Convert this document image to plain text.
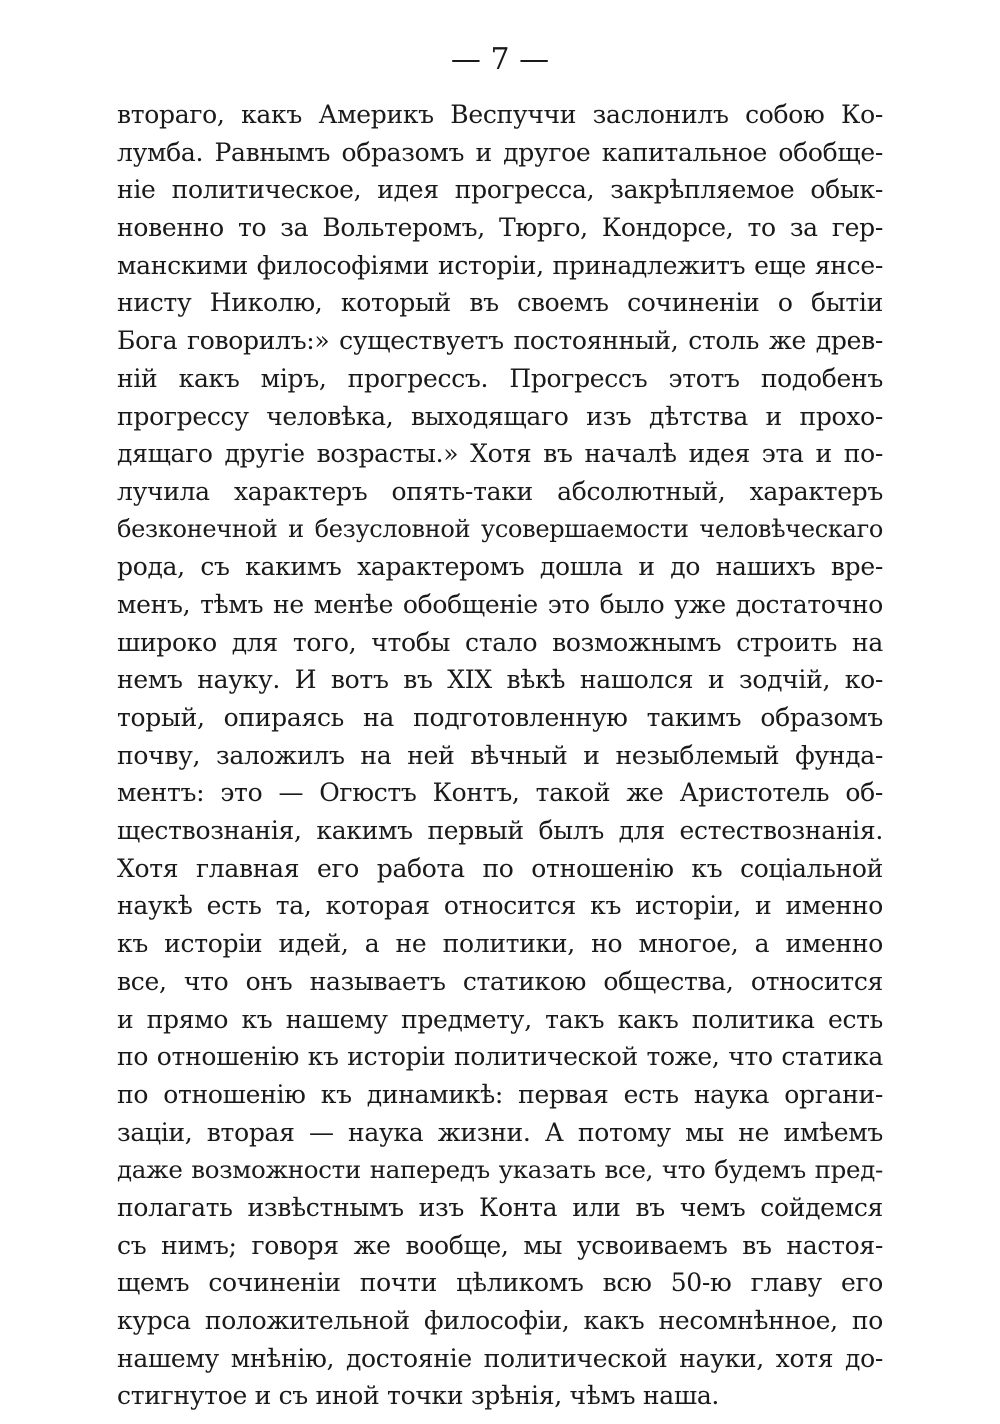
— 7 —
втораго, какъ Америкъ Веспуччи заслонилъ собою Ко-
лумба. Равнымъ образомъ и другое капитальное обобще-
ніе политическое, идея прогресса, закрѣпляемое обык-
новенно то за Вольтеромъ, Тюрго, Кондорсе, то за гер-
манскими философіями исторіи, принадлежитъ еще янсе-
нисту Николю, который въ своемъ сочиненіи о бытіи
Бога говорилъ:» существуетъ постоянный, столь же древ-
ній какъ міръ, прогрессъ. Прогрессъ этотъ подобенъ
прогрессу человѣка, выходящаго изъ дѣтства и прохо-
дящаго другіе возрасты.» Хотя въ началѣ идея эта и по-
лучила характеръ опять-таки абсолютный, характеръ
безконечной и безусловной усовершаемости человѣческаго
рода, съ какимъ характеромъ дошла и до нашихъ вре-
менъ, тѣмъ не менѣе обобщеніе это было уже достаточно
широко для того, чтобы стало возможнымъ строить на
немъ науку. И вотъ въ XIX вѣкѣ нашолся и зодчій, ко-
торый, опираясь на подготовленную такимъ образомъ
почву, заложилъ на ней вѣчный и незыблемый фунда-
ментъ: это — Огюстъ Контъ, такой же Аристотель об-
ществознанія, какимъ первый былъ для естествознанія.
Хотя главная его работа по отношенію къ соціальной
наукѣ есть та, которая относится къ исторіи, и именно
къ исторіи идей, а не политики, но многое, а именно
все, что онъ называетъ статикою общества, относится
и прямо къ нашему предмету, такъ какъ политика есть
по отношенію къ исторіи политической тоже, что статика
по отношенію къ динамикѣ: первая есть наука органи-
заціи, вторая — наука жизни. А потому мы не имѣемъ
даже возможности напередъ указать все, что будемъ пред-
полагать извѣстнымъ изъ Конта или въ чемъ сойдемся
съ нимъ; говоря же вообще, мы усвоиваемъ въ настоя-
щемъ сочиненіи почти цѣликомъ всю 50-ю главу его
курса положительной философіи, какъ несомнѣнное, по
нашему мнѣнію, достояніе политической науки, хотя до-
стигнутое и съ иной точки зрѣнія, чѣмъ наша.
